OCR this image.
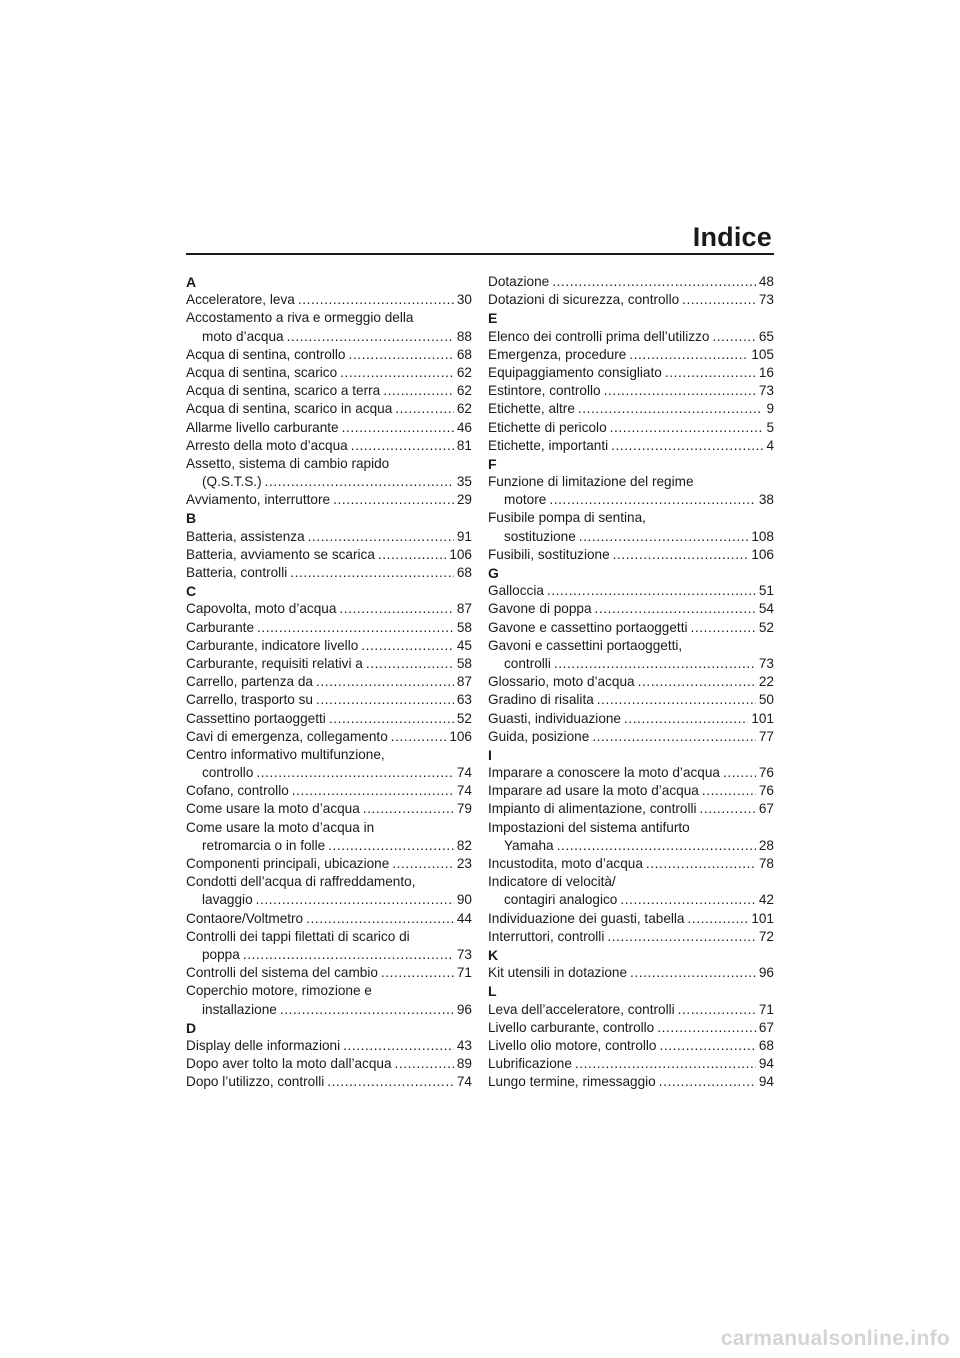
Indice
A
Acceleratore, leva .....	30
Accostamento a riva e ormeggio della
moto d’acqua .....	88
Acqua di sentina, controllo .....	68
Acqua di sentina, scarico .....	62
Acqua di sentina, scarico a terra .....	62
Acqua di sentina, scarico in acqua .....	62
Allarme livello carburante .....	46
Arresto della moto d’acqua .....	81
Assetto, sistema di cambio rapido
(Q.S.T.S.) .....	35
Avviamento, interruttore .....	29
B
Batteria, assistenza .....	91
Batteria, avviamento se scarica .....	106
Batteria, controlli .....	68
C
Capovolta, moto d’acqua .....	87
Carburante .....	58
Carburante, indicatore livello .....	45
Carburante, requisiti relativi a .....	58
Carrello, partenza da .....	87
Carrello, trasporto su .....	63
Cassettino portaoggetti .....	52
Cavi di emergenza, collegamento .....	106
Centro informativo multifunzione,
controllo .....	74
Cofano, controllo .....	74
Come usare la moto d’acqua .....	79
Come usare la moto d’acqua in
retromarcia o in folle .....	82
Componenti principali, ubicazione .....	23
Condotti dell’acqua di raffreddamento,
lavaggio .....	90
Contaore/Voltmetro .....	44
Controlli dei tappi filettati di scarico di
poppa .....	73
Controlli del sistema del cambio .....	71
Coperchio motore, rimozione e
installazione .....	96
D
Display delle informazioni .....	43
Dopo aver tolto la moto dall’acqua .....	89
Dopo l’utilizzo, controlli .....	74
Dotazione .....	48
Dotazioni di sicurezza, controllo .....	73
E
Elenco dei controlli prima dell’utilizzo .....	65
Emergenza, procedure .....	105
Equipaggiamento consigliato .....	16
Estintore, controllo .....	73
Etichette, altre .....	9
Etichette di pericolo .....	5
Etichette, importanti .....	4
F
Funzione di limitazione del regime
motore .....	38
Fusibile pompa di sentina,
sostituzione .....	108
Fusibili, sostituzione .....	106
G
Galloccia .....	51
Gavone di poppa .....	54
Gavone e cassettino portaoggetti .....	52
Gavoni e cassettini portaoggetti,
controlli .....	73
Glossario, moto d’acqua .....	22
Gradino di risalita .....	50
Guasti, individuazione .....	101
Guida, posizione .....	77
I
Imparare a conoscere la moto d’acqua .....	76
Imparare ad usare la moto d’acqua .....	76
Impianto di alimentazione, controlli .....	67
Impostazioni del sistema antifurto
Yamaha .....	28
Incustodita, moto d’acqua .....	78
Indicatore di velocità/
contagiri analogico .....	42
Individuazione dei guasti, tabella .....	101
Interruttori, controlli .....	72
K
Kit utensili in dotazione .....	96
L
Leva dell’acceleratore, controlli .....	71
Livello carburante, controllo .....	67
Livello olio motore, controllo .....	68
Lubrificazione .....	94
Lungo termine, rimessaggio .....	94
carmanualsonline.info
